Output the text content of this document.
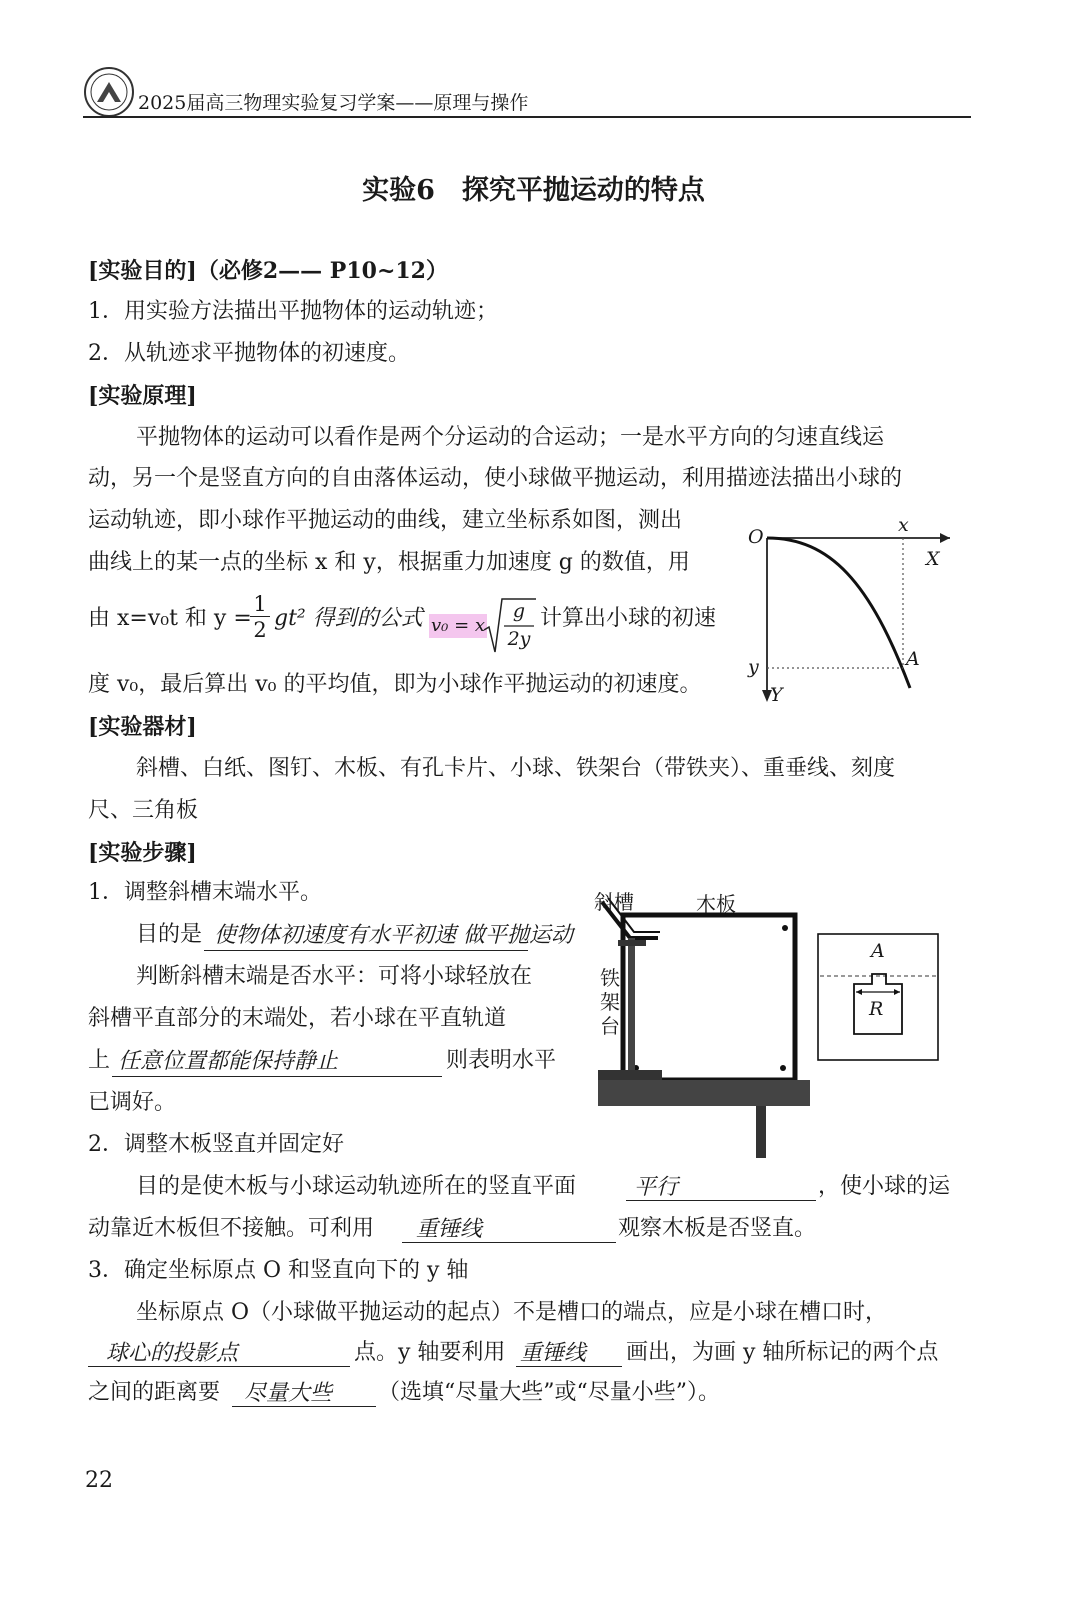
2025届高三物理实验复习学案——原理与操作
实验6　探究平抛运动的特点
[实验目的]（必修2—— P10~12）
1．用实验方法描出平抛物体的运动轨迹；
2．从轨迹求平抛物体的初速度。
[实验原理]
平抛物体的运动可以看作是两个分运动的合运动；一是水平方向的匀速直线运
动，另一个是竖直方向的自由落体运动，使小球做平抛运动，利用描迹法描出小球的
运动轨迹，即小球作平抛运动的曲线，建立坐标系如图，测出
曲线上的某一点的坐标 x 和 y，根据重力加速度 g 的数值，用
由 x=v₀t 和 y =
1
2 gt² 得到的公式 v₀ = x
g
2y
计算出小球的初速
度 v₀，最后算出 v₀ 的平均值，即为小球作平抛运动的初速度。
O
x
X
y
Y
A
[实验器材]
斜槽、白纸、图钉、木板、有孔卡片、小球、铁架台（带铁夹）、重垂线、刻度
尺、三角板
[实验步骤]
1．调整斜槽末端水平。
目的是 使物体初速度有水平初速 做平抛运动
判断斜槽末端是否水平：可将小球轻放在
斜槽平直部分的末端处，若小球在平直轨道
上 任意位置都能保持静止	则表明水平
已调好。
斜槽	木板
铁
架
台
A
R
2．调整木板竖直并固定好
目的是使木板与小球运动轨迹所在的竖直平面	平行	，使小球的运
动靠近木板但不接触。可利用 重锤线	观察木板是否竖直。
3．确定坐标原点 O 和竖直向下的 y 轴
坐标原点 O（小球做平抛运动的起点）不是槽口的端点，应是小球在槽口时，
球心的投影点	点。y 轴要利用 重锤线 画出，为画 y 轴所标记的两个点
之间的距离要 尽量大些 （选填“尽量大些”或“尽量小些”）。
22
